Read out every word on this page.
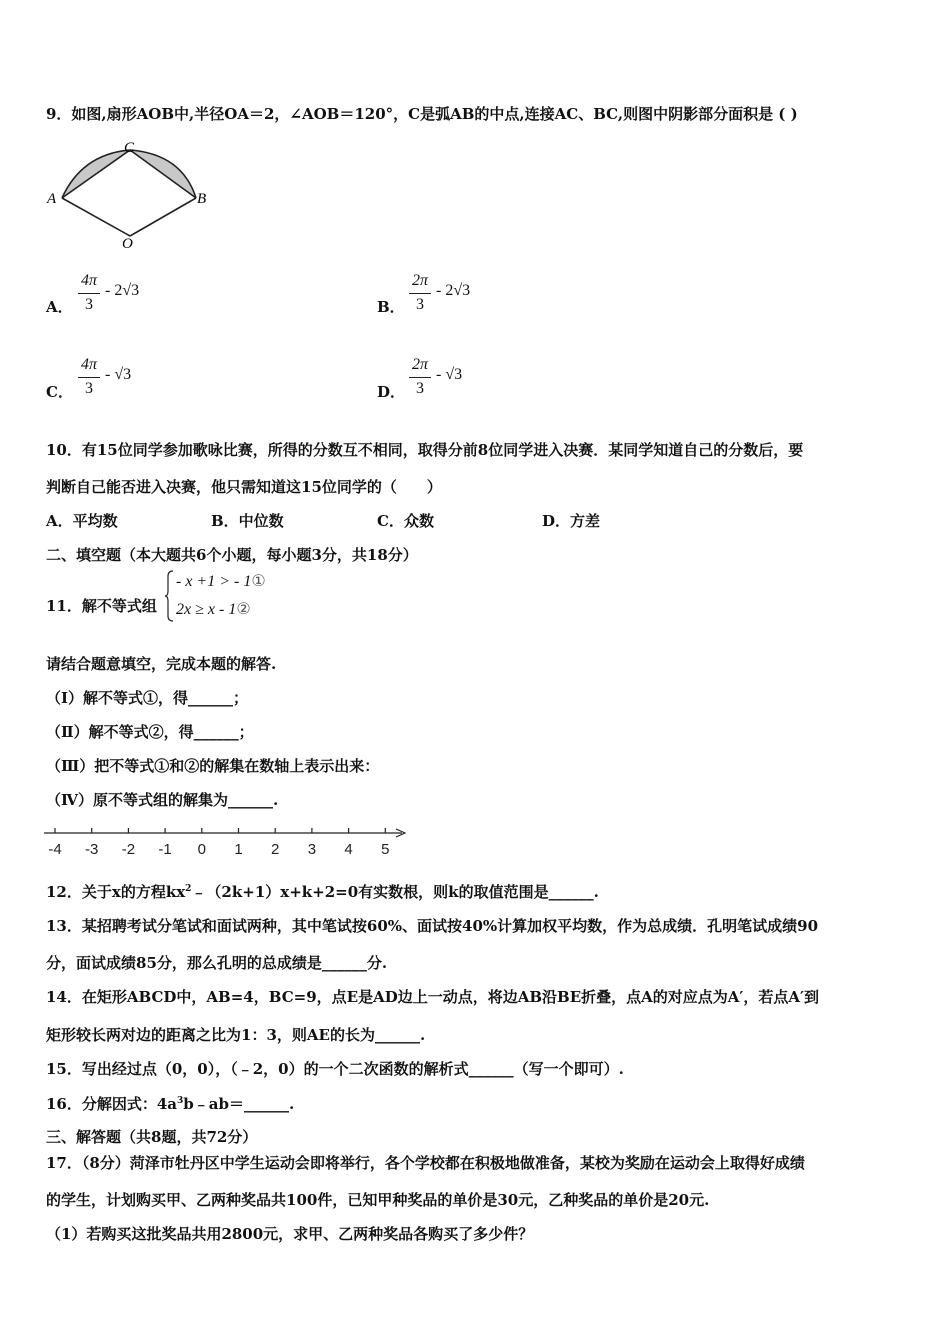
9．如图,扇形AOB中,半径OA＝2，∠AOB＝120°，C是弧AB的中点,连接AC、BC,则图中阴影部分面积是 ( )
A	B
C
O
A．
4π
3
- 2√3
B．
2π
3
- 2√3
C．
4π
3
- √3
D．
2π
3
- √3
10．有15位同学参加歌咏比赛，所得的分数互不相同，取得分前8位同学进入决赛．某同学知道自己的分数后，要
判断自己能否进入决赛，他只需知道这15位同学的（　　）
A．平均数	B．中位数	C．众数	D．方差
二、填空题（本大题共6个小题，每小题3分，共18分）
11．解不等式组
- x +1 > - 1①
2x ≥ x - 1②
请结合题意填空，完成本题的解答.
（Ⅰ）解不等式①，得______；
（Ⅱ）解不等式②，得______；
（Ⅲ）把不等式①和②的解集在数轴上表示出来：
（Ⅳ）原不等式组的解集为______.
-4 -3 -2 -1 0 1 2 3 4 5
12．关于x的方程$kx^2﹣(2k+1)x+k+2=0$有实数根，则k的取值范围是______.
13．某招聘考试分笔试和面试两种，其中笔试按60%、面试按40%计算加权平均数，作为总成绩．孔明笔试成绩90
分，面试成绩85分，那么孔明的总成绩是______分.
14．在矩形ABCD中，AB=4，BC=9，点E是AD边上一动点，将边AB沿BE折叠，点A的对应点为A′，若点A′到
矩形较长两对边的距离之比为1：3，则AE的长为______.
15．写出经过点（0，0），（﹣2，0）的一个二次函数的解析式______（写一个即可）.
16．分解因式：$4a^3b﹣ab=\_\_\_\_\_\_$.
三、解答题（共8题，共72分）
17．（8分）菏泽市牡丹区中学生运动会即将举行，各个学校都在积极地做准备，某校为奖励在运动会上取得好成绩
的学生，计划购买甲、乙两种奖品共100件，已知甲种奖品的单价是30元，乙种奖品的单价是20元.
（1）若购买这批奖品共用2800元，求甲、乙两种奖品各购买了多少件？
